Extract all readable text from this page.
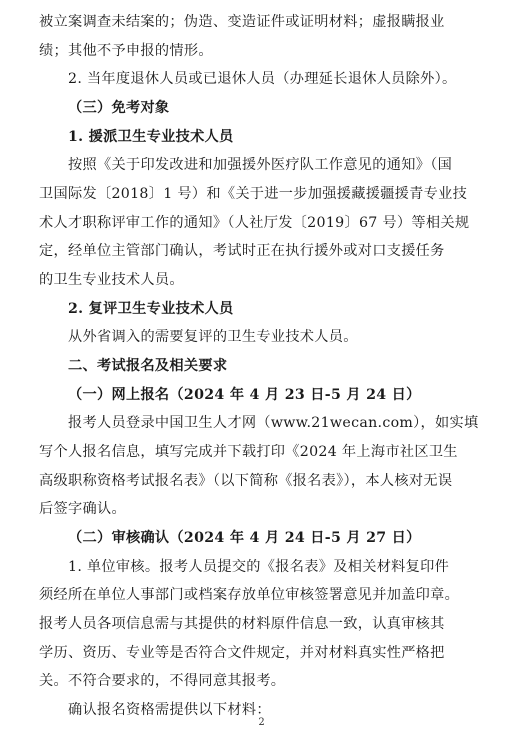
被立案调查未结案的；伪造、变造证件或证明材料；虚报瞒报业
绩；其他不予申报的情形。
2. 当年度退休人员或已退休人员（办理延长退休人员除外）。
（三）免考对象
1. 援派卫生专业技术人员
按照《关于印发改进和加强援外医疗队工作意见的通知》（国
卫国际发〔2018〕1 号）和《关于进一步加强援藏援疆援青专业技
术人才职称评审工作的通知》（人社厅发〔2019〕67 号）等相关规
定，经单位主管部门确认，考试时正在执行援外或对口支援任务
的卫生专业技术人员。
2. 复评卫生专业技术人员
从外省调入的需要复评的卫生专业技术人员。
二、考试报名及相关要求
（一）网上报名（2024 年 4 月 23 日-5 月 24 日）
报考人员登录中国卫生人才网（www.21wecan.com），如实填
写个人报名信息，填写完成并下载打印《2024 年上海市社区卫生
高级职称资格考试报名表》（以下简称《报名表》），本人核对无误
后签字确认。
（二）审核确认（2024 年 4 月 24 日-5 月 27 日）
1. 单位审核。报考人员提交的《报名表》及相关材料复印件
须经所在单位人事部门或档案存放单位审核签署意见并加盖印章。
报考人员各项信息需与其提供的材料原件信息一致，认真审核其
学历、资历、专业等是否符合文件规定，并对材料真实性严格把
关。不符合要求的，不得同意其报考。
确认报名资格需提供以下材料：
2
